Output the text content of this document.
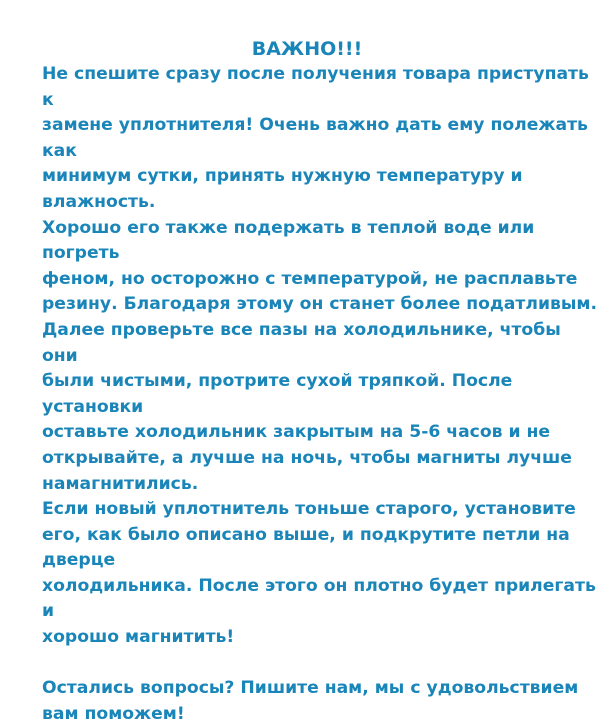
ВАЖНО!!!

Не спешите сразу после получения товара приступать к
замене уплотнителя! Очень важно дать ему полежать как
минимум сутки, принять нужную температуру и влажность.
Хорошо его также подержать в теплой воде или погреть
феном, но осторожно с температурой, не расплавьте
резину. Благодаря этому он станет более податливым.
Далее проверьте все пазы на холодильнике, чтобы они
были чистыми, протрите сухой тряпкой. После установки
оставьте холодильник закрытым на 5-6 часов и не
открывайте, а лучше на ночь, чтобы магниты лучше
намагнитились.

Если новый уплотнитель тоньше старого, установите
его, как было описано выше, и подкрутите петли на дверце
холодильника. После этого он плотно будет прилегать и
хорошо магнитить!

Остались вопросы? Пишите нам, мы с удовольствием
вам поможем!
